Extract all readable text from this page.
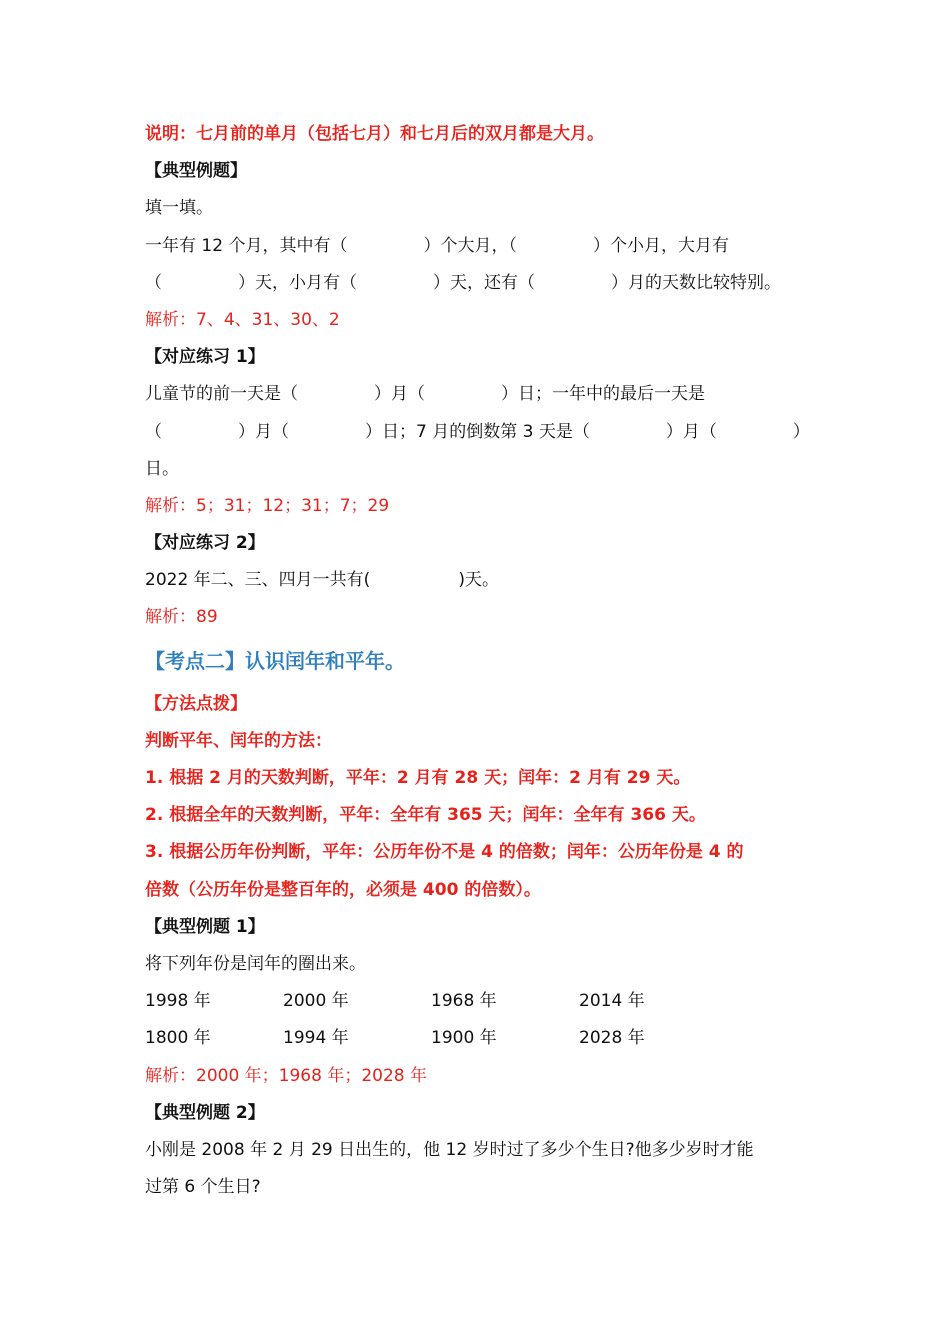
说明：七月前的单月（包括七月）和七月后的双月都是大月。
【典型例题】
填一填。
一年有 12 个月，其中有（	）个大月，（	）个小月，大月有
（	）天，小月有（	）天，还有（	）月的天数比较特别。
解析：7、4、31、30、2
【对应练习 1】
儿童节的前一天是（	）月（	）日；一年中的最后一天是
（	）月（	）日；7 月的倒数第 3 天是（	）月（	）
日。
解析：5；31；12；31；7；29
【对应练习 2】
2022 年二、三、四月一共有(	)天。
解析：89
【考点二】认识闰年和平年。
【方法点拨】
判断平年、闰年的方法：
1. 根据 2 月的天数判断，平年：2 月有 28 天；闰年：2 月有 29 天。
2. 根据全年的天数判断，平年：全年有 365 天；闰年：全年有 366 天。
3. 根据公历年份判断，平年：公历年份不是 4 的倍数；闰年：公历年份是 4 的
倍数（公历年份是整百年的，必须是 400 的倍数）。
【典型例题 1】
将下列年份是闰年的圈出来。
1998 年	2000 年	1968 年	2014 年
1800 年	1994 年	1900 年	2028 年
解析：2000 年；1968 年；2028 年
【典型例题 2】
小刚是 2008 年 2 月 29 日出生的，他 12 岁时过了多少个生日?他多少岁时才能
过第 6 个生日?
